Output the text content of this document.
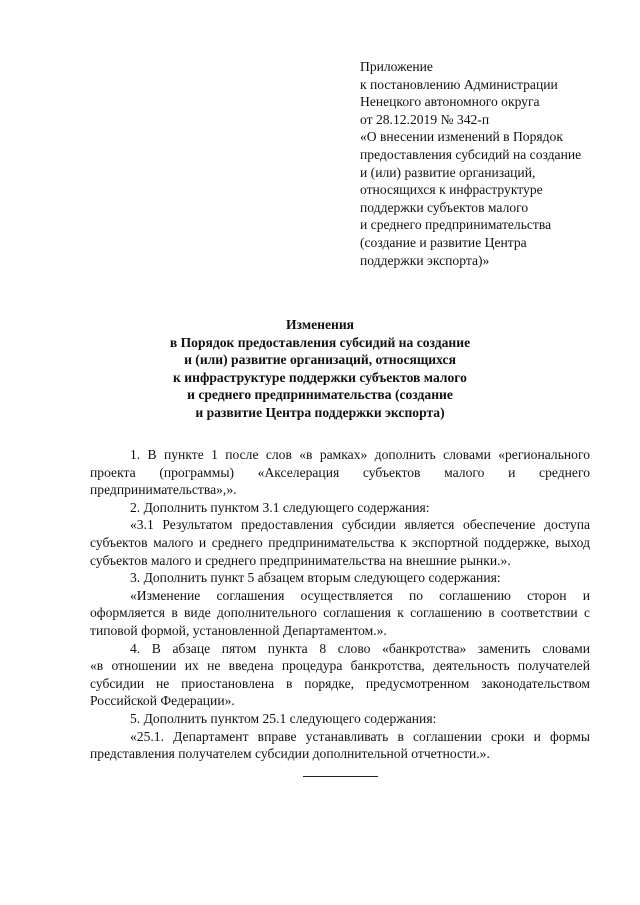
Приложение
к постановлению Администрации
Ненецкого автономного округа
от 28.12.2019 № 342-п
«О внесении изменений в Порядок
предоставления субсидий на создание
и (или) развитие организаций,
относящихся к инфраструктуре
поддержки субъектов малого
и среднего предпринимательства
(создание и развитие Центра
поддержки экспорта)»
Изменения
в Порядок предоставления субсидий на создание
и (или) развитие организаций, относящихся
к инфраструктуре поддержки субъектов малого
и среднего предпринимательства (создание
и развитие Центра поддержки экспорта)

1. В пункте 1 после слов «в рамках» дополнить словами «регионального

проекта (программы) «Акселерация субъектов малого и среднего

предпринимательства»,».

2. Дополнить пунктом 3.1 следующего содержания:

«3.1 Результатом предоставления субсидии является обеспечение доступа субъектов малого и среднего предпринимательства к экспортной поддержке, выход субъектов малого и среднего предпринимательства на внешние рынки.».

3. Дополнить пункт 5 абзацем вторым следующего содержания:

«Изменение соглашения осуществляется по соглашению сторон и оформляется в виде дополнительного соглашения к соглашению в соответствии с типовой формой, установленной Департаментом.».

4. В абзаце пятом пункта 8 слово «банкротства» заменить словами

«в отношении их не введена процедура банкротства, деятельность получателей субсидии не приостановлена в порядке, предусмотренном законодательством Российской Федерации».

5. Дополнить пунктом 25.1 следующего содержания:

«25.1. Департамент вправе устанавливать в соглашении сроки и формы представления получателем субсидии дополнительной отчетности.».
